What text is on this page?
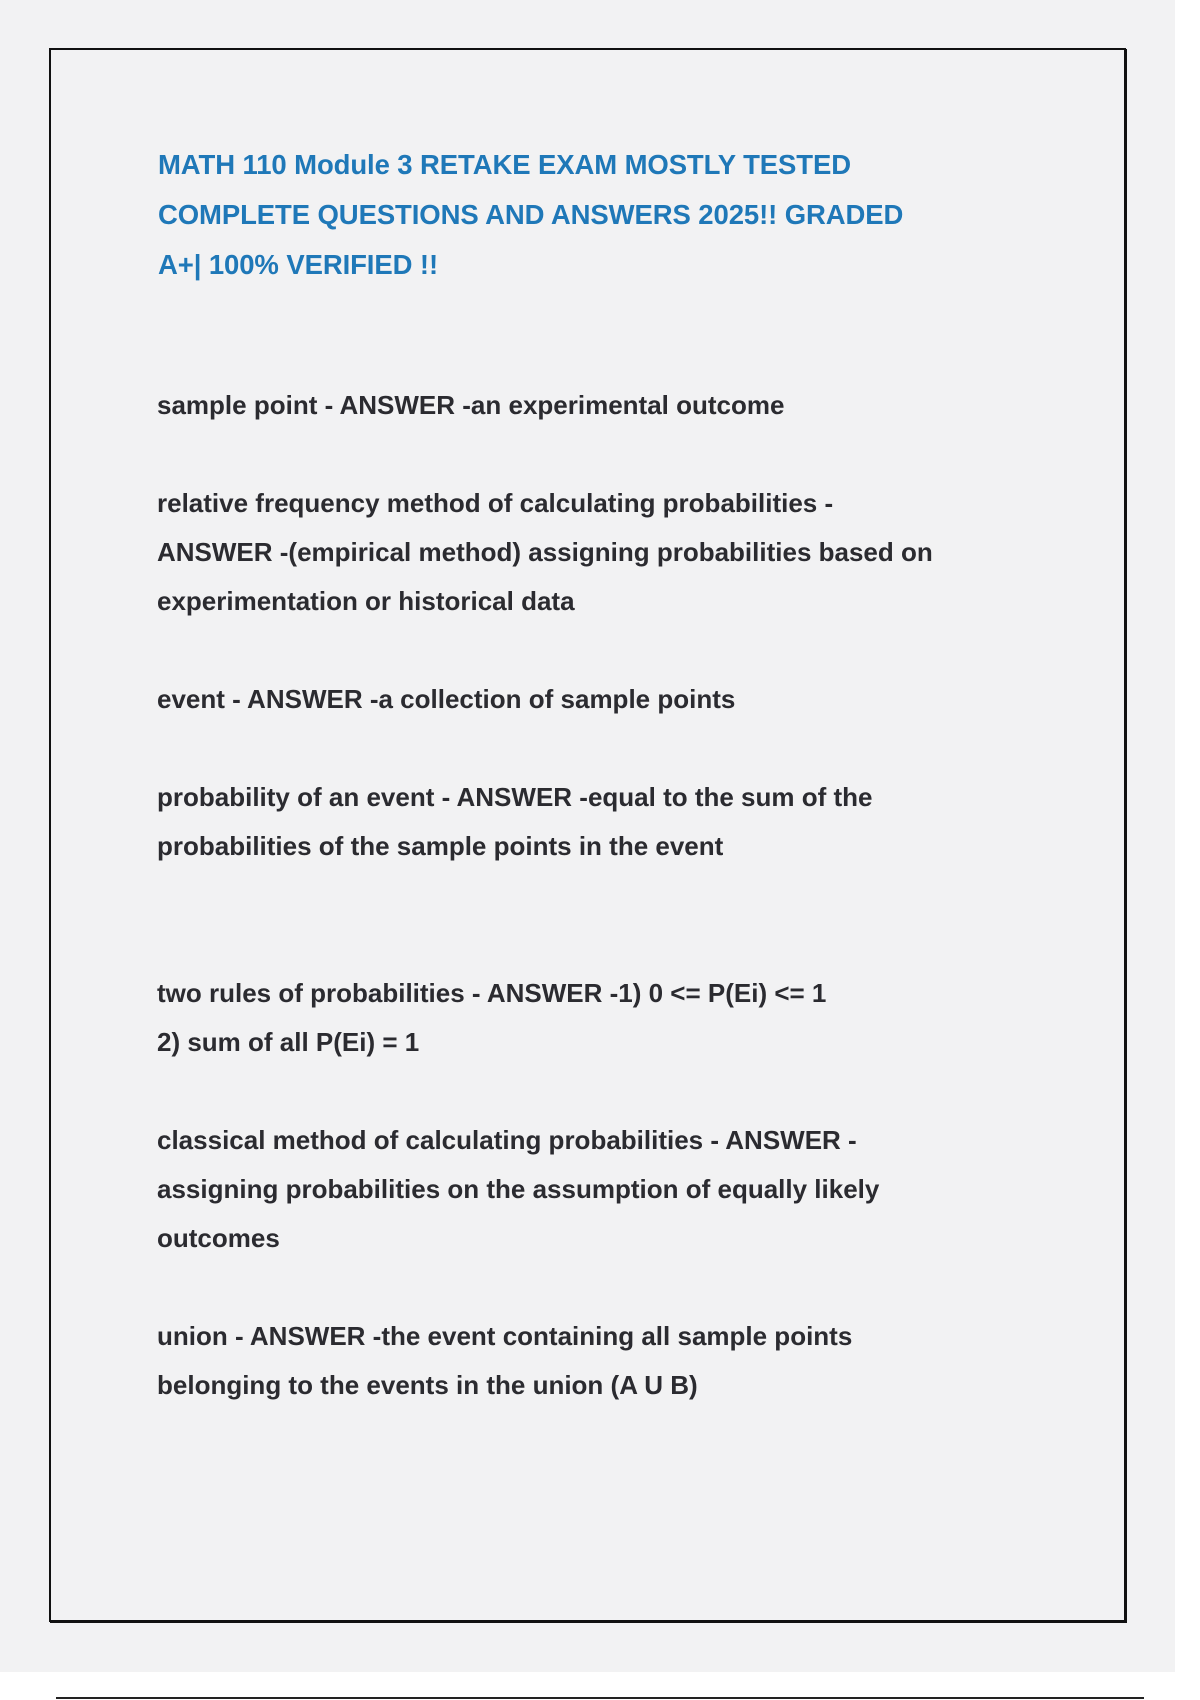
MATH 110 Module 3 RETAKE EXAM MOSTLY TESTED
COMPLETE QUESTIONS AND ANSWERS 2025!! GRADED
A+| 100% VERIFIED !!

sample point - ANSWER -an experimental outcome

relative frequency method of calculating probabilities -
ANSWER -(empirical method) assigning probabilities based on
experimentation or historical data

event - ANSWER -a collection of sample points

probability of an event - ANSWER -equal to the sum of the
probabilities of the sample points in the event

two rules of probabilities - ANSWER -1) 0 <= P(Ei) <= 1
2) sum of all P(Ei) = 1

classical method of calculating probabilities - ANSWER -
assigning probabilities on the assumption of equally likely
outcomes

union - ANSWER -the event containing all sample points
belonging to the events in the union (A U B)
